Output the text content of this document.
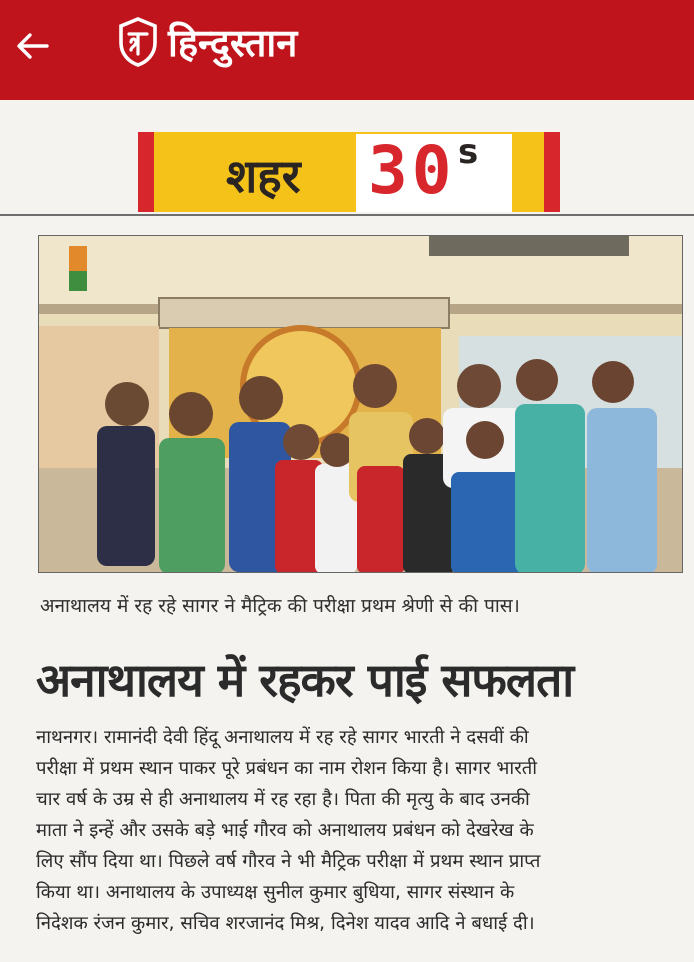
हिन्दुस्तान
शहर 30 s
अनाथालय में रह रहे सागर ने मैट्रिक की परीक्षा प्रथम श्रेणी से की पास।
अनाथालय में रहकर पाई सफलता
नाथनगर। रामानंदी देवी हिंदू अनाथालय में रह रहे सागर भारती ने दसवीं की
परीक्षा में प्रथम स्थान पाकर पूरे प्रबंधन का नाम रोशन किया है। सागर भारती
चार वर्ष के उम्र से ही अनाथालय में रह रहा है। पिता की मृत्यु के बाद उनकी
माता ने इन्हें और उसके बड़े भाई गौरव को अनाथालय प्रबंधन को देखरेख के
लिए सौंप दिया था। पिछले वर्ष गौरव ने भी मैट्रिक परीक्षा में प्रथम स्थान प्राप्त
किया था। अनाथालय के उपाध्यक्ष सुनील कुमार बुधिया, सागर संस्थान के
निदेशक रंजन कुमार, सचिव शरजानंद मिश्र, दिनेश यादव आदि ने बधाई दी।
